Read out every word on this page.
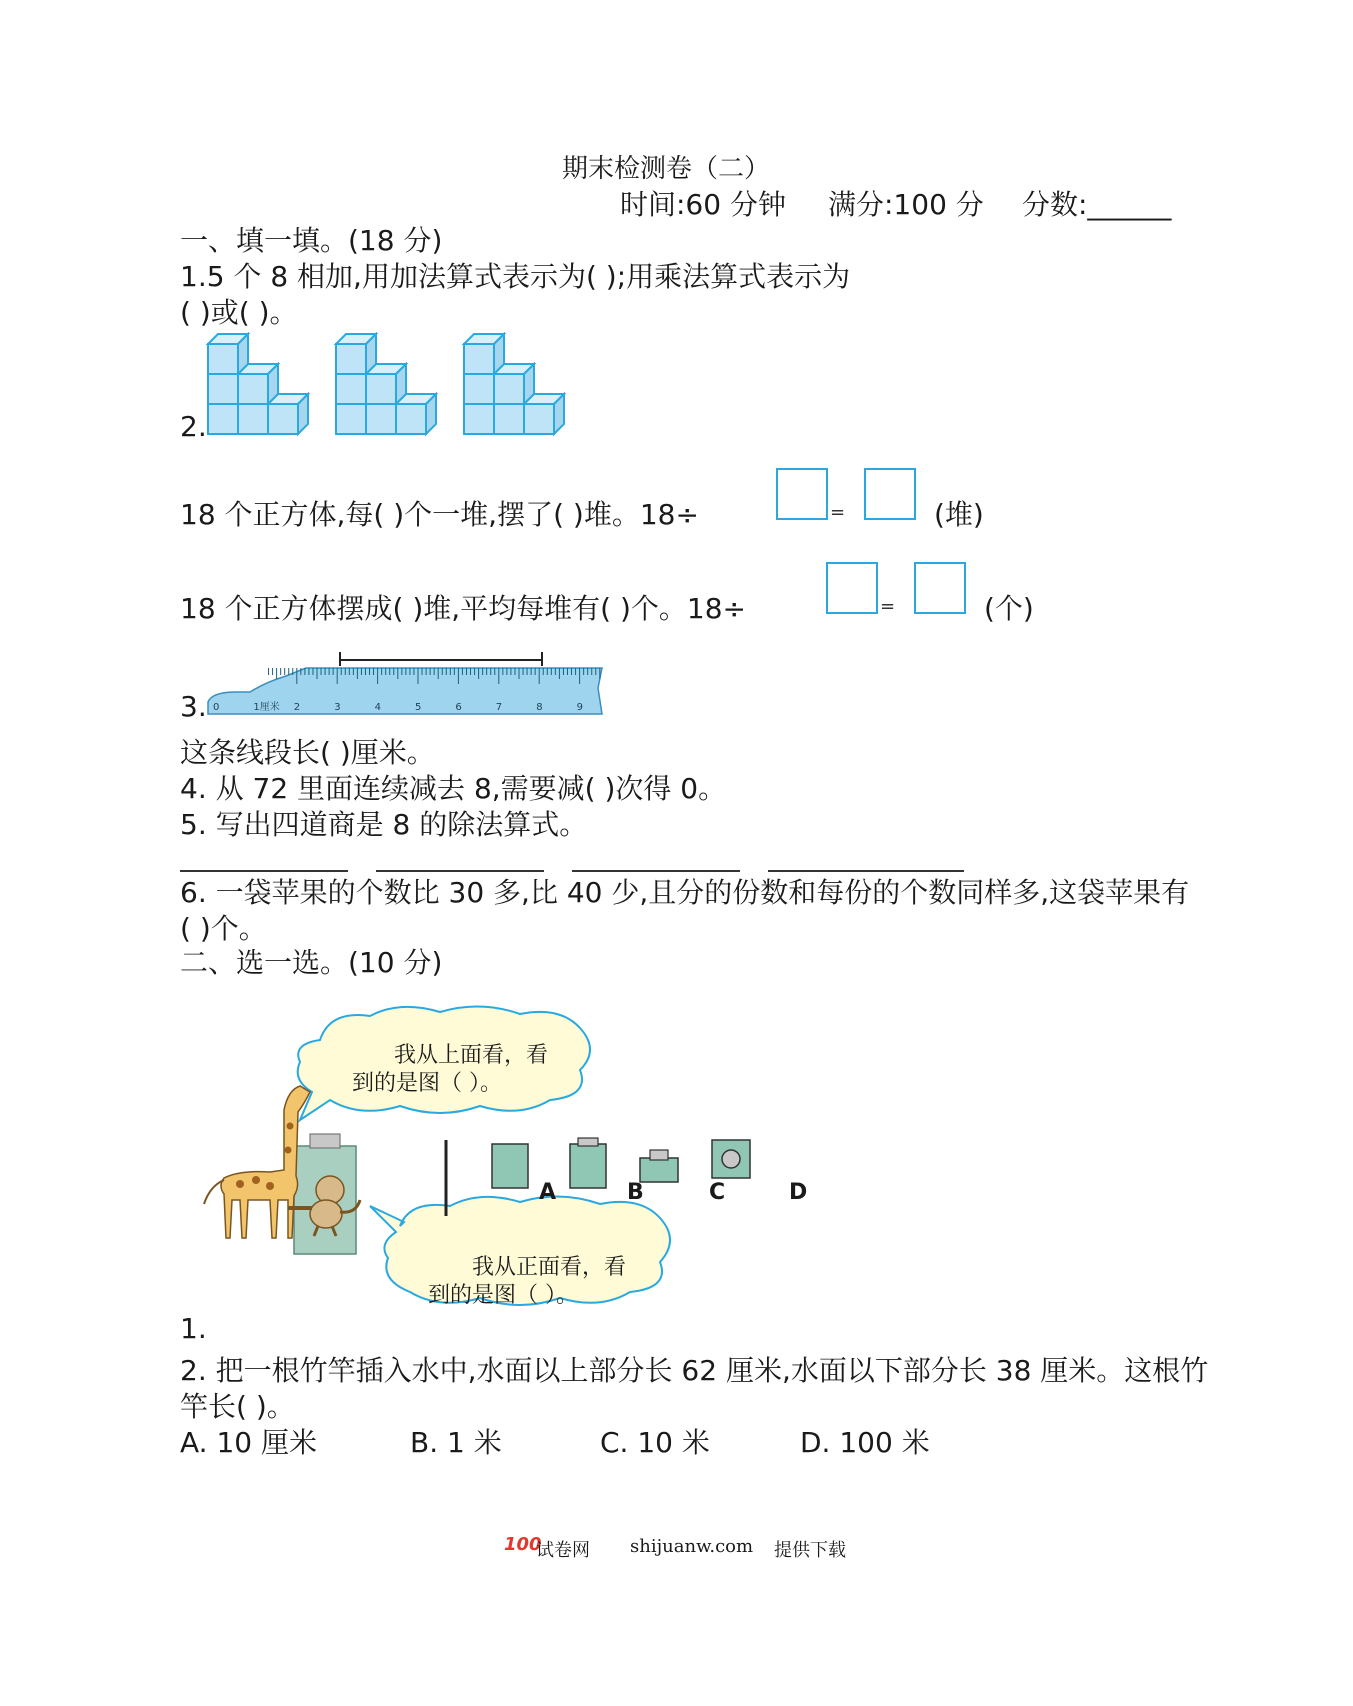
期末检测卷（二）
时间:60 分钟 满分:100 分 分数:______
一、填一填。(18 分)
1.5 个 8 相加,用加法算式表示为( );用乘法算式表示为
( )或( )。
2.
18 个正方体,每( )个一堆,摆了( )堆。18÷	=	(堆)
18 个正方体摆成( )堆,平均每堆有( )个。18÷	=	(个)
3. 0	1厘米 2	3	4	5	6	7	8	9
这条线段长( )厘米。
4. 从 72 里面连续减去 8,需要减( )次得 0。
5. 写出四道商是 8 的除法算式。
6. 一袋苹果的个数比 30 多,比 40 少,且分的份数和每份的个数同样多,这袋苹果有
( )个。
二、选一选。(10 分)
我从上面看，看
到的是图（ ）。
我从正面看，看
到的是图（ ）。
A	B	C	D
1.
2. 把一根竹竿插入水中,水面以上部分长 62 厘米,水面以下部分长 38 厘米。这根竹
竿长( )。
A. 10 厘米	B. 1 米	C. 10 米	D. 100 米
100
试卷网 shijuanw.com 提供下载
